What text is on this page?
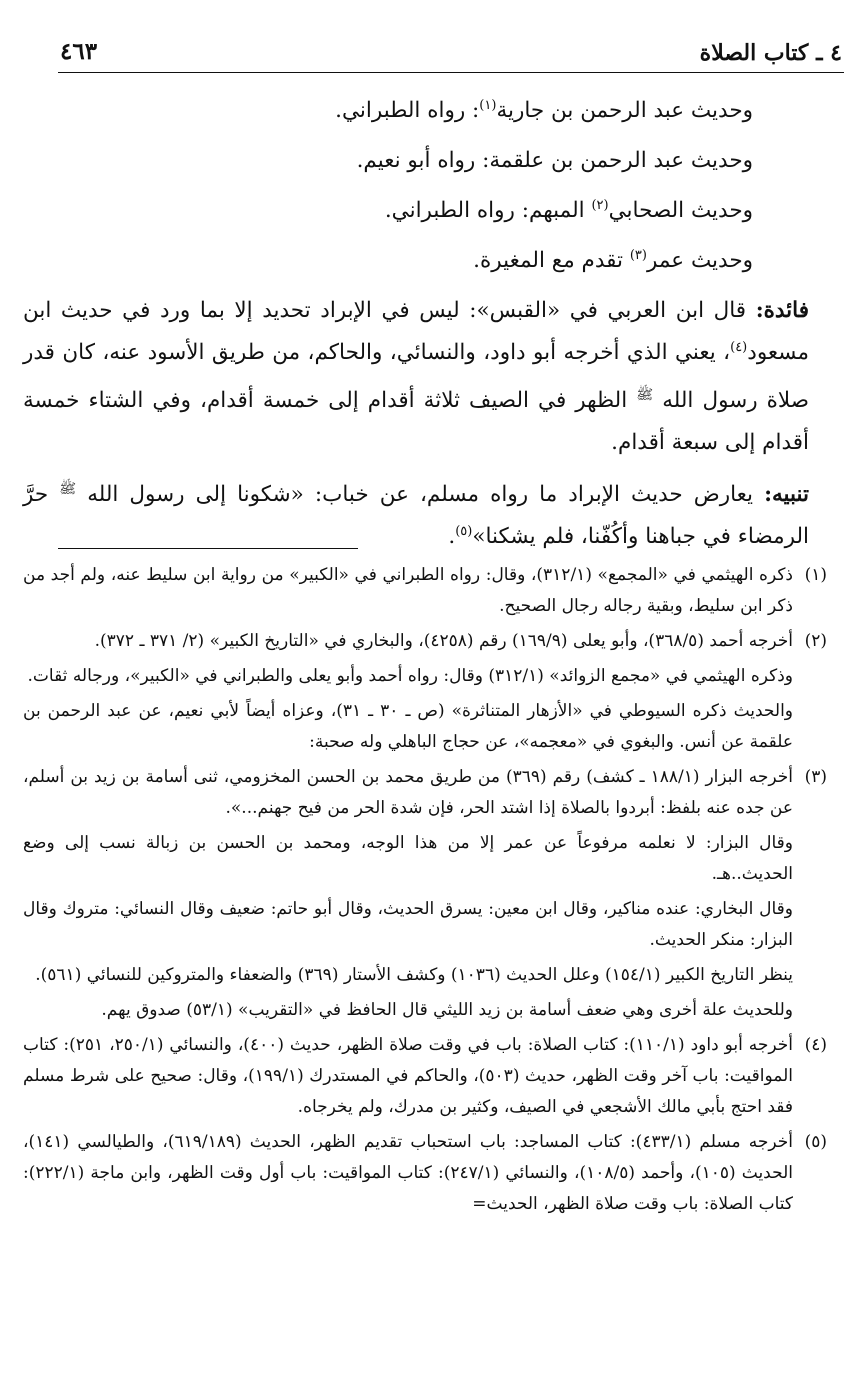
٤ ـ كتاب الصلاة
٤٦٣

وحديث عبد الرحمن بن جارية$^{(١)}$: رواه الطبراني.

وحديث عبد الرحمن بن علقمة: رواه أبو نعيم.

وحديث الصحابي$^{(٢)}$ المبهم: رواه الطبراني.

وحديث عمر$^{(٣)}$ تقدم مع المغيرة.

فائدة: قال ابن العربي في «القبس»: ليس في الإبراد تحديد إلا بما ورد في حديث ابن مسعود$^{(٤)}$، يعني الذي أخرجه أبو داود، والنسائي، والحاكم، من طريق الأسود عنه، كان قدر صلاة رسول الله $^ﷺ$ الظهر في الصيف ثلاثة أقدام إلى خمسة أقدام، وفي الشتاء خمسة أقدام إلى سبعة أقدام.

تنبيه: يعارض حديث الإبراد ما رواه مسلم، عن خباب: «شكونا إلى رسول الله $^ﷺ$ حرَّ الرمضاء في جباهنا وأكُفّنا، فلم يشكنا»$^{(٥)}$.

(١)

ذكره الهيثمي في «المجمع» (٣١٢/١)، وقال: رواه الطبراني في «الكبير» من رواية ابن سليط عنه، ولم أجد من ذكر ابن سليط، وبقية رجاله رجال الصحيح.

(٢)

أخرجه أحمد (٣٦٨/٥)، وأبو يعلى (١٦٩/٩) رقم (٤٢٥٨)، والبخاري في «التاريخ الكبير» (٢/ ٣٧١ ـ ٣٧٢).

وذكره الهيثمي في «مجمع الزوائد» (٣١٢/١) وقال: رواه أحمد وأبو يعلى والطبراني في «الكبير»، ورجاله ثقات.

والحديث ذكره السيوطي في «الأزهار المتناثرة» (ص ـ ٣٠ ـ ٣١)، وعزاه أيضاً لأبي نعيم، عن عبد الرحمن بن علقمة عن أنس. والبغوي في «معجمه»، عن حجاج الباهلي وله صحبة:

(٣)

أخرجه البزار (١٨٨/١ ـ كشف) رقم (٣٦٩) من طريق محمد بن الحسن المخزومي، ثنى أسامة بن زيد بن أسلم، عن جده عنه بلفظ: أبردوا بالصلاة إذا اشتد الحر، فإن شدة الحر من فيح جهنم...».

وقال البزار: لا نعلمه مرفوعاً عن عمر إلا من هذا الوجه، ومحمد بن الحسن بن زبالة نسب إلى وضع الحديث..هـ.

وقال البخاري: عنده مناكير، وقال ابن معين: يسرق الحديث، وقال أبو حاتم: ضعيف وقال النسائي: متروك وقال البزار: منكر الحديث.

ينظر التاريخ الكبير (١٥٤/١) وعلل الحديث (١٠٣٦) وكشف الأستار (٣٦٩) والضعفاء والمتروكين للنسائي (٥٦١).

وللحديث علة أخرى وهي ضعف أسامة بن زيد الليثي قال الحافظ في «التقريب» (٥٣/١) صدوق يهم.

(٤)

أخرجه أبو داود (١١٠/١): كتاب الصلاة: باب في وقت صلاة الظهر، حديث (٤٠٠)، والنسائي (٢٥٠/١، ٢٥١): كتاب المواقيت: باب آخر وقت الظهر، حديث (٥٠٣)، والحاكم في المستدرك (١٩٩/١)، وقال: صحيح على شرط مسلم فقد احتج بأبي مالك الأشجعي في الصيف، وكثير بن مدرك، ولم يخرجاه.

(٥)

أخرجه مسلم (٤٣٣/١): كتاب المساجد: باب استحباب تقديم الظهر، الحديث (٦١٩/١٨٩)، والطيالسي (١٤١)، الحديث (١٠٥)، وأحمد (١٠٨/٥)، والنسائي (٢٤٧/١): كتاب المواقيت: باب أول وقت الظهر، وابن ماجة (٢٢٢/١): كتاب الصلاة: باب وقت صلاة الظهر، الحديث=
